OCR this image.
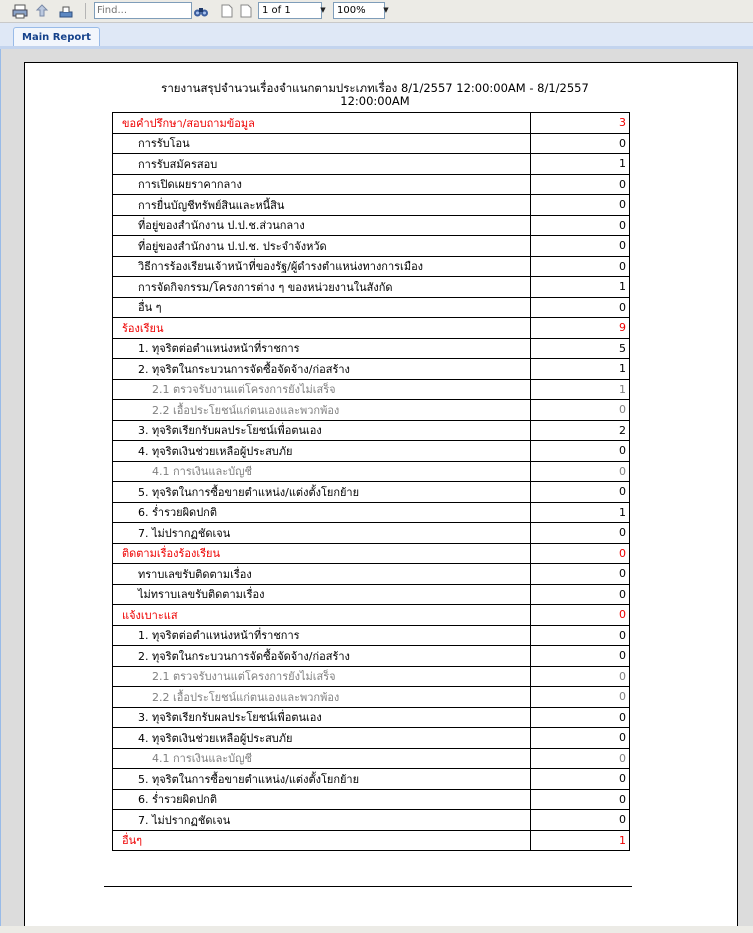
Find...
1 of 1
▼
100%	▼
Main Report
รายงานสรุปจำนวนเรื่องจำแนกตามประเภทเรื่อง 8/1/2557 12:00:00AM - 8/1/2557 12:00:00AM
ขอคำปรึกษา/สอบถามข้อมูล	3
การรับโอน	0
การรับสมัครสอบ	1
การเปิดเผยราคากลาง	0
การยื่นบัญชีทรัพย์สินและหนี้สิน	0
ที่อยู่ของสำนักงาน ป.ป.ช.ส่วนกลาง	0
ที่อยู่ของสำนักงาน ป.ป.ช. ประจำจังหวัด	0
วิธีการร้องเรียนเจ้าหน้าที่ของรัฐ/ผู้ดำรงตำแหน่งทางการเมือง	0
การจัดกิจกรรม/โครงการต่าง ๆ ของหน่วยงานในสังกัด	1
อื่น ๆ	0
ร้องเรียน	9
1. ทุจริตต่อตำแหน่งหน้าที่ราชการ	5
2. ทุจริตในกระบวนการจัดซื้อจัดจ้าง/ก่อสร้าง	1
2.1 ตรวจรับงานแต่โครงการยังไม่เสร็จ	1
2.2 เอื้อประโยชน์แก่ตนเองและพวกพ้อง	0
3. ทุจริตเรียกรับผลประโยชน์เพื่อตนเอง	2
4. ทุจริตเงินช่วยเหลือผู้ประสบภัย	0
4.1 การเงินและบัญชี	0
5. ทุจริตในการซื้อขายตำแหน่ง/แต่งตั้งโยกย้าย	0
6. ร่ำรวยผิดปกติ	1
7. ไม่ปรากฏชัดเจน	0
ติดตามเรื่องร้องเรียน	0
ทราบเลขรับติดตามเรื่อง	0
ไม่ทราบเลขรับติดตามเรื่อง	0
แจ้งเบาะแส	0
1. ทุจริตต่อตำแหน่งหน้าที่ราชการ	0
2. ทุจริตในกระบวนการจัดซื้อจัดจ้าง/ก่อสร้าง	0
2.1 ตรวจรับงานแต่โครงการยังไม่เสร็จ	0
2.2 เอื้อประโยชน์แก่ตนเองและพวกพ้อง	0
3. ทุจริตเรียกรับผลประโยชน์เพื่อตนเอง	0
4. ทุจริตเงินช่วยเหลือผู้ประสบภัย	0
4.1 การเงินและบัญชี	0
5. ทุจริตในการซื้อขายตำแหน่ง/แต่งตั้งโยกย้าย	0
6. ร่ำรวยผิดปกติ	0
7. ไม่ปรากฏชัดเจน	0
อื่นๆ	1
